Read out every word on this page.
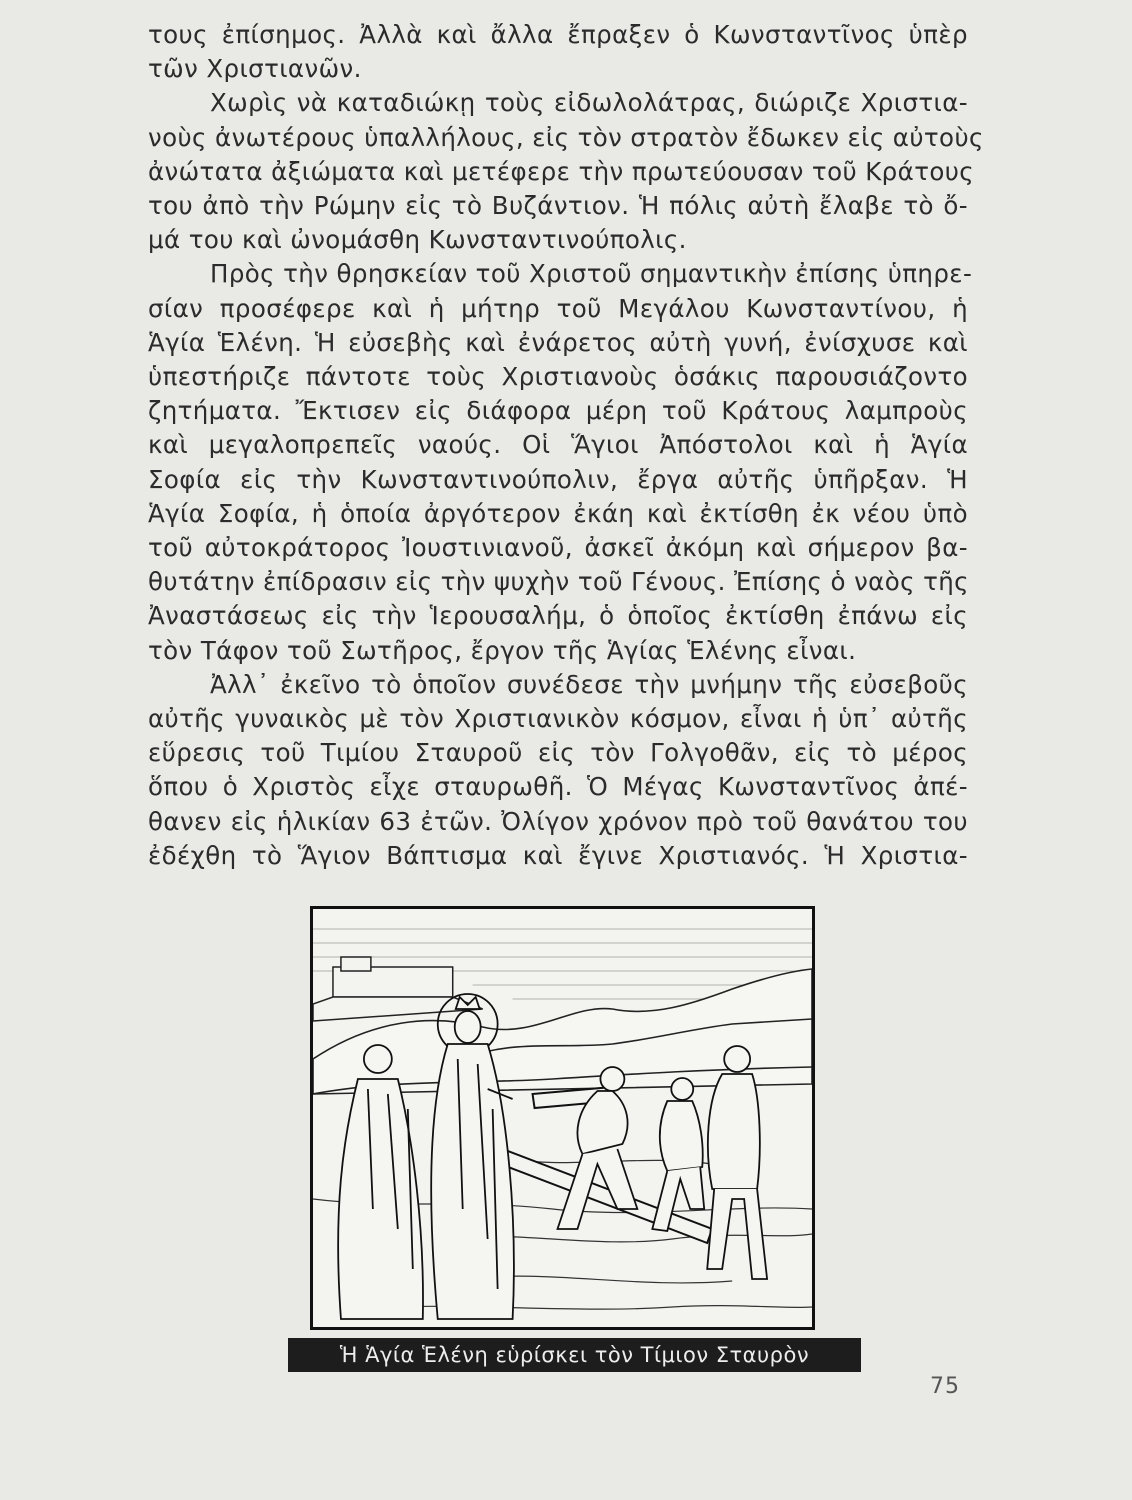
τους ἐπίσημος. Ἀλλὰ καὶ ἄλλα ἔπραξεν ὁ Κωνσταντῖνος ὑπὲρ
τῶν Χριστιανῶν.
Χωρὶς νὰ καταδιώκῃ τοὺς εἰδωλολάτρας, διώριζε Χριστια-
νοὺς ἀνωτέρους ὑπαλλήλους, εἰς τὸν στρατὸν ἔδωκεν εἰς αὐτοὺς
ἀνώτατα ἀξιώματα καὶ μετέφερε τὴν πρωτεύουσαν τοῦ Κράτους
του ἀπὸ τὴν Ρώμην εἰς τὸ Βυζάντιον. Ἡ πόλις αὐτὴ ἔλαβε τὸ ὄ-
μά του καὶ ὠνομάσθη Κωνσταντινούπολις.
Πρὸς τὴν θρησκείαν τοῦ Χριστοῦ σημαντικὴν ἐπίσης ὑπηρε-
σίαν προσέφερε καὶ ἡ μήτηρ τοῦ Μεγάλου Κωνσταντίνου, ἡ
Ἁγία Ἑλένη. Ἡ εὐσεβὴς καὶ ἐνάρετος αὐτὴ γυνή, ἐνίσχυσε καὶ
ὑπεστήριζε πάντοτε τοὺς Χριστιανοὺς ὁσάκις παρουσιάζοντο
ζητήματα. Ἔκτισεν εἰς διάφορα μέρη τοῦ Κράτους λαμπροὺς
καὶ μεγαλοπρεπεῖς ναούς. Οἱ Ἅγιοι Ἀπόστολοι καὶ ἡ Ἁγία
Σοφία εἰς τὴν Κωνσταντινούπολιν, ἔργα αὐτῆς ὑπῆρξαν. Ἡ
Ἁγία Σοφία, ἡ ὁποία ἀργότερον ἐκάη καὶ ἐκτίσθη ἐκ νέου ὑπὸ
τοῦ αὐτοκράτορος Ἰουστινιανοῦ, ἀσκεῖ ἀκόμη καὶ σήμερον βα-
θυτάτην ἐπίδρασιν εἰς τὴν ψυχὴν τοῦ Γένους. Ἐπίσης ὁ ναὸς τῆς
Ἀναστάσεως εἰς τὴν Ἱερουσαλήμ, ὁ ὁποῖος ἐκτίσθη ἐπάνω εἰς
τὸν Τάφον τοῦ Σωτῆρος, ἔργον τῆς Ἁγίας Ἑλένης εἶναι.
Ἀλλ᾽ ἐκεῖνο τὸ ὁποῖον συνέδεσε τὴν μνήμην τῆς εὐσεβοῦς
αὐτῆς γυναικὸς μὲ τὸν Χριστιανικὸν κόσμον, εἶναι ἡ ὑπ᾽ αὐτῆς
εὕρεσις τοῦ Τιμίου Σταυροῦ εἰς τὸν Γολγοθᾶν, εἰς τὸ μέρος
ὅπου ὁ Χριστὸς εἶχε σταυρωθῆ. Ὁ Μέγας Κωνσταντῖνος ἀπέ-
θανεν εἰς ἡλικίαν 63 ἐτῶν. Ὀλίγον χρόνον πρὸ τοῦ θανάτου του
ἐδέχθη τὸ Ἅγιον Βάπτισμα καὶ ἔγινε Χριστιανός. Ἡ Χριστια-
Ἡ Ἁγία Ἑλένη εὑρίσκει τὸν Τίμιον Σταυρὸν
75
